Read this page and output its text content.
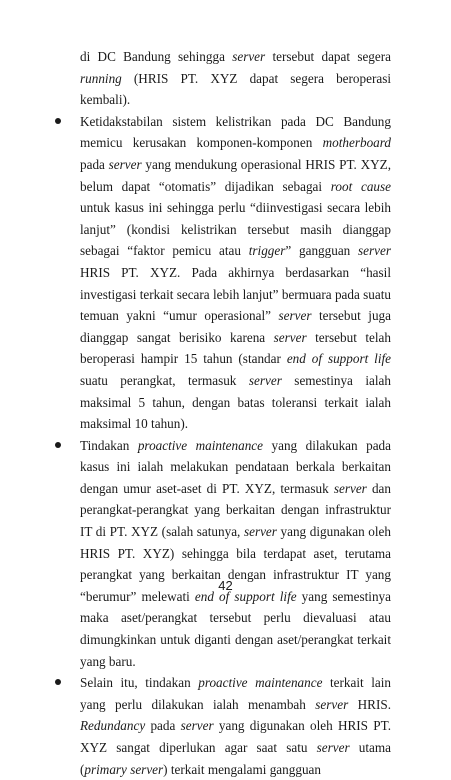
di DC Bandung sehingga server tersebut dapat segera running (HRIS PT. XYZ dapat segera beroperasi kembali).

Ketidakstabilan sistem kelistrikan pada DC Bandung memicu kerusakan komponen-komponen motherboard pada server yang mendukung operasional HRIS PT. XYZ, belum dapat “otomatis” dijadikan sebagai root cause untuk kasus ini sehingga perlu “diinvestigasi secara lebih lanjut” (kondisi kelistrikan tersebut masih dianggap sebagai “faktor pemicu atau trigger” gangguan server HRIS PT. XYZ. Pada akhirnya berdasarkan “hasil investigasi terkait secara lebih lanjut” bermuara pada suatu temuan yakni “umur operasional” server tersebut juga dianggap sangat berisiko karena server tersebut telah beroperasi hampir 15 tahun (standar end of support life suatu perangkat, termasuk server semestinya ialah maksimal 5 tahun, dengan batas toleransi terkait ialah maksimal 10 tahun).
Tindakan proactive maintenance yang dilakukan pada kasus ini ialah melakukan pendataan berkala berkaitan dengan umur aset-aset di PT. XYZ, termasuk server dan perangkat-perangkat yang berkaitan dengan infrastruktur IT di PT. XYZ (salah satunya, server yang digunakan oleh HRIS PT. XYZ) sehingga bila terdapat aset, terutama perangkat yang berkaitan dengan infrastruktur IT yang “berumur” melewati end of support life yang semestinya maka aset/perangkat tersebut perlu dievaluasi atau dimungkinkan untuk diganti dengan aset/perangkat terkait yang baru.
Selain itu, tindakan proactive maintenance terkait lain yang perlu dilakukan ialah menambah server HRIS. Redundancy pada server yang digunakan oleh HRIS PT. XYZ sangat diperlukan agar saat satu server utama (primary server) terkait mengalami gangguan
42
